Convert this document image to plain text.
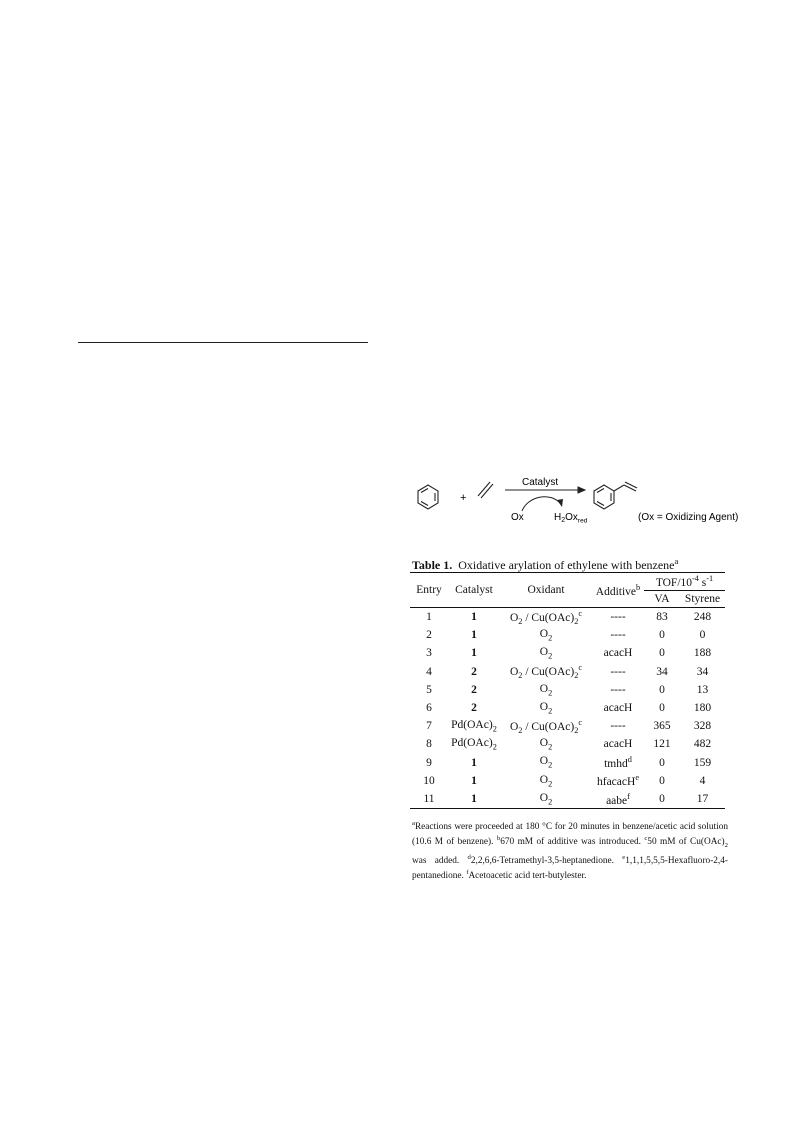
+
Catalyst
Ox	$H_2Ox_{red}$	(Ox = Oxidizing Agent)
Table 1. Oxidative arylation of ethylene with benzene$^a$
Entry	Catalyst	Oxidant	Additive$^b$	TOF/$10^{-4}$ $s^{-1}$
				VA	Styrene
1	1	$O_2 / Cu(OAc)_2^c$	----	83	248
2	1	$O_2$	----	0	0
3	1	$O_2$	acacH	0	188
4	2	$O_2 / Cu(OAc)_2^c$	----	34	34
5	2	$O_2$	----	0	13
6	2	$O_2$	acacH	0	180
7	$Pd(OAc)_2$	$O_2 / Cu(OAc)_2^c$	----	365	328
8	$Pd(OAc)_2$	$O_2$	acacH	121	482
9	1	$O_2$	tmhd$^d$	0	159
10	1	$O_2$	hfacacH$^e$	0	4
11	1	$O_2$	aabe$^f$	0	17
$^a$Reactions were proceeded at 180 °C for 20 minutes in benzene/acetic acid solution (10.6 M of benzene). $^b$670 mM of additive was introduced. $^c$50 mM of $Cu(OAc)_2$ was added. $^d$2,2,6,6-Tetramethyl-3,5-heptanedione. $^e$1,1,1,5,5,5-Hexafluoro-2,4-pentanedione. $^f$Acetoacetic acid tert-butylester.
